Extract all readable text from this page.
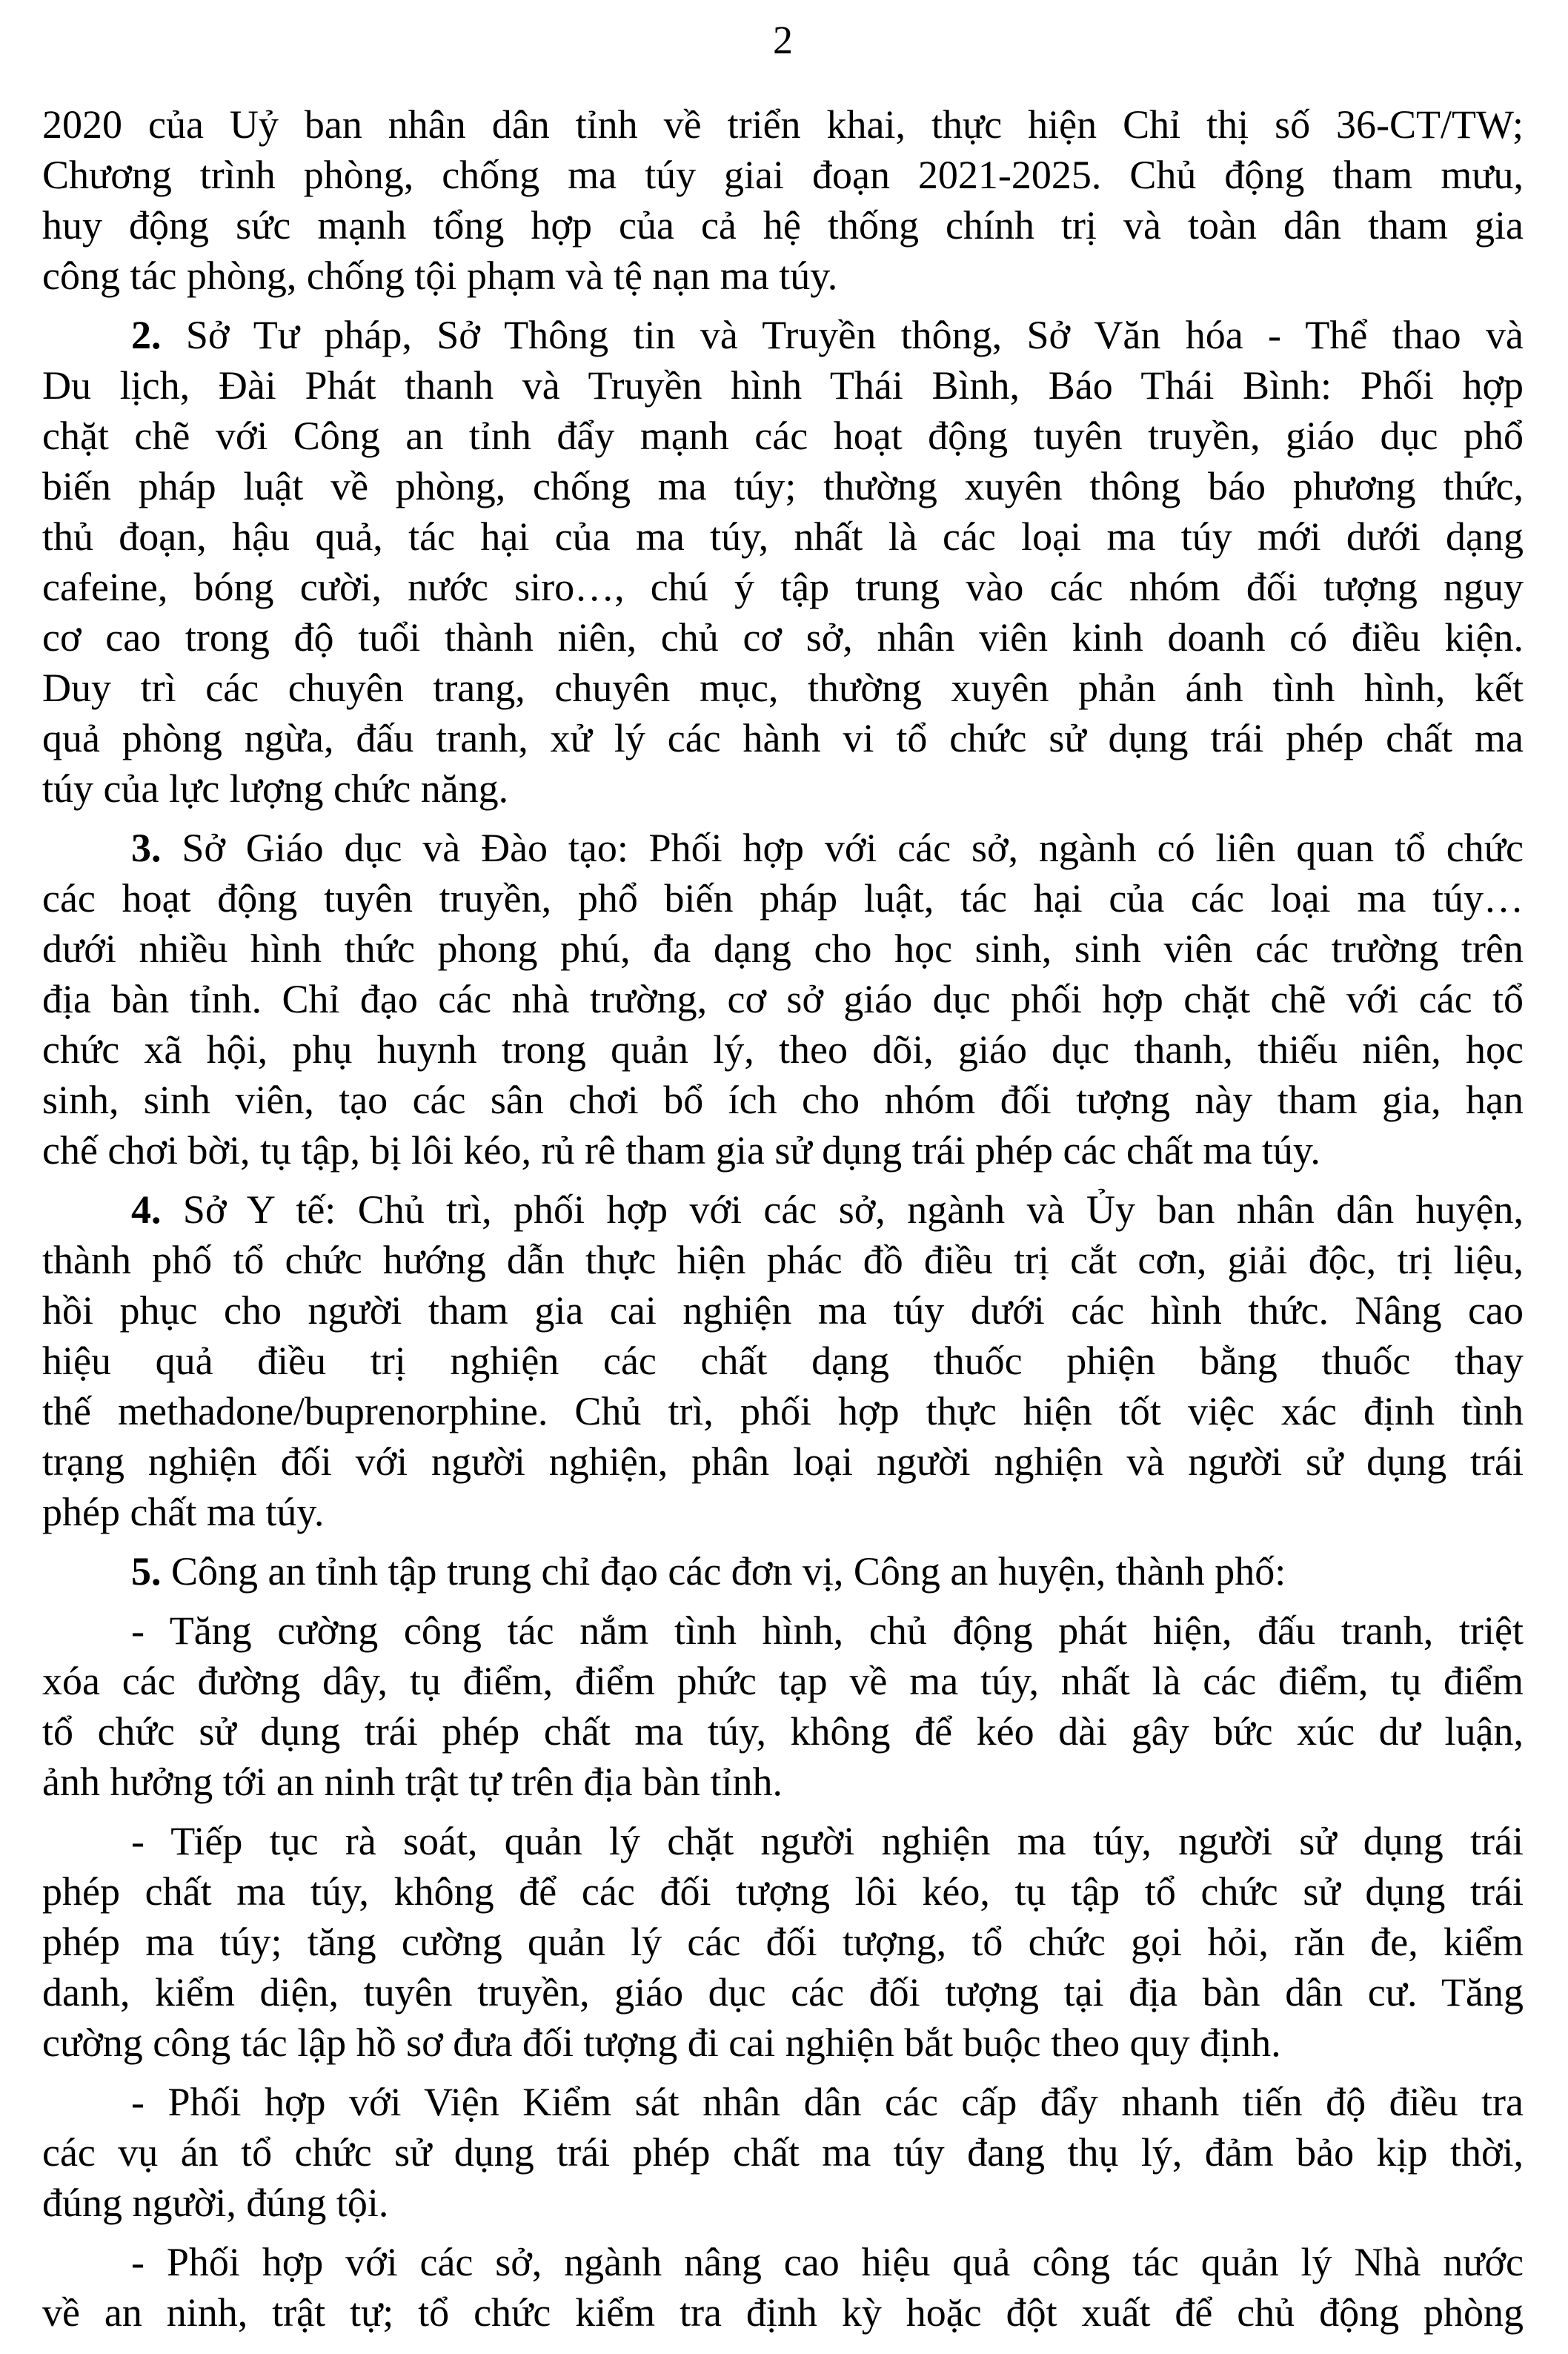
2
2020 của Uỷ ban nhân dân tỉnh về triển khai, thực hiện Chỉ thị số 36-CT/TW;
Chương trình phòng, chống ma túy giai đoạn 2021-2025. Chủ động tham mưu,
huy động sức mạnh tổng hợp của cả hệ thống chính trị và toàn dân tham gia
công tác phòng, chống tội phạm và tệ nạn ma túy.
2. Sở Tư pháp, Sở Thông tin và Truyền thông, Sở Văn hóa - Thể thao và
Du lịch, Đài Phát thanh và Truyền hình Thái Bình, Báo Thái Bình: Phối hợp
chặt chẽ với Công an tỉnh đẩy mạnh các hoạt động tuyên truyền, giáo dục phổ
biến pháp luật về phòng, chống ma túy; thường xuyên thông báo phương thức,
thủ đoạn, hậu quả, tác hại của ma túy, nhất là các loại ma túy mới dưới dạng
cafeine, bóng cười, nước siro…, chú ý tập trung vào các nhóm đối tượng nguy
cơ cao trong độ tuổi thành niên, chủ cơ sở, nhân viên kinh doanh có điều kiện.
Duy trì các chuyên trang, chuyên mục, thường xuyên phản ánh tình hình, kết
quả phòng ngừa, đấu tranh, xử lý các hành vi tổ chức sử dụng trái phép chất ma
túy của lực lượng chức năng.
3. Sở Giáo dục và Đào tạo: Phối hợp với các sở, ngành có liên quan tổ chức
các hoạt động tuyên truyền, phổ biến pháp luật, tác hại của các loại ma túy…
dưới nhiều hình thức phong phú, đa dạng cho học sinh, sinh viên các trường trên
địa bàn tỉnh. Chỉ đạo các nhà trường, cơ sở giáo dục phối hợp chặt chẽ với các tổ
chức xã hội, phụ huynh trong quản lý, theo dõi, giáo dục thanh, thiếu niên, học
sinh, sinh viên, tạo các sân chơi bổ ích cho nhóm đối tượng này tham gia, hạn
chế chơi bời, tụ tập, bị lôi kéo, rủ rê tham gia sử dụng trái phép các chất ma túy.
4. Sở Y tế: Chủ trì, phối hợp với các sở, ngành và Ủy ban nhân dân huyện,
thành phố tổ chức hướng dẫn thực hiện phác đồ điều trị cắt cơn, giải độc, trị liệu,
hồi phục cho người tham gia cai nghiện ma túy dưới các hình thức. Nâng cao
hiệu quả điều trị nghiện các chất dạng thuốc phiện bằng thuốc thay
thế methadone/buprenorphine. Chủ trì, phối hợp thực hiện tốt việc xác định tình
trạng nghiện đối với người nghiện, phân loại người nghiện và người sử dụng trái
phép chất ma túy.
5. Công an tỉnh tập trung chỉ đạo các đơn vị, Công an huyện, thành phố:
- Tăng cường công tác nắm tình hình, chủ động phát hiện, đấu tranh, triệt
xóa các đường dây, tụ điểm, điểm phức tạp về ma túy, nhất là các điểm, tụ điểm
tổ chức sử dụng trái phép chất ma túy, không để kéo dài gây bức xúc dư luận,
ảnh hưởng tới an ninh trật tự trên địa bàn tỉnh.
- Tiếp tục rà soát, quản lý chặt người nghiện ma túy, người sử dụng trái
phép chất ma túy, không để các đối tượng lôi kéo, tụ tập tổ chức sử dụng trái
phép ma túy; tăng cường quản lý các đối tượng, tổ chức gọi hỏi, răn đe, kiểm
danh, kiểm diện, tuyên truyền, giáo dục các đối tượng tại địa bàn dân cư. Tăng
cường công tác lập hồ sơ đưa đối tượng đi cai nghiện bắt buộc theo quy định.
- Phối hợp với Viện Kiểm sát nhân dân các cấp đẩy nhanh tiến độ điều tra
các vụ án tổ chức sử dụng trái phép chất ma túy đang thụ lý, đảm bảo kịp thời,
đúng người, đúng tội.
- Phối hợp với các sở, ngành nâng cao hiệu quả công tác quản lý Nhà nước
về an ninh, trật tự; tổ chức kiểm tra định kỳ hoặc đột xuất để chủ động phòng
